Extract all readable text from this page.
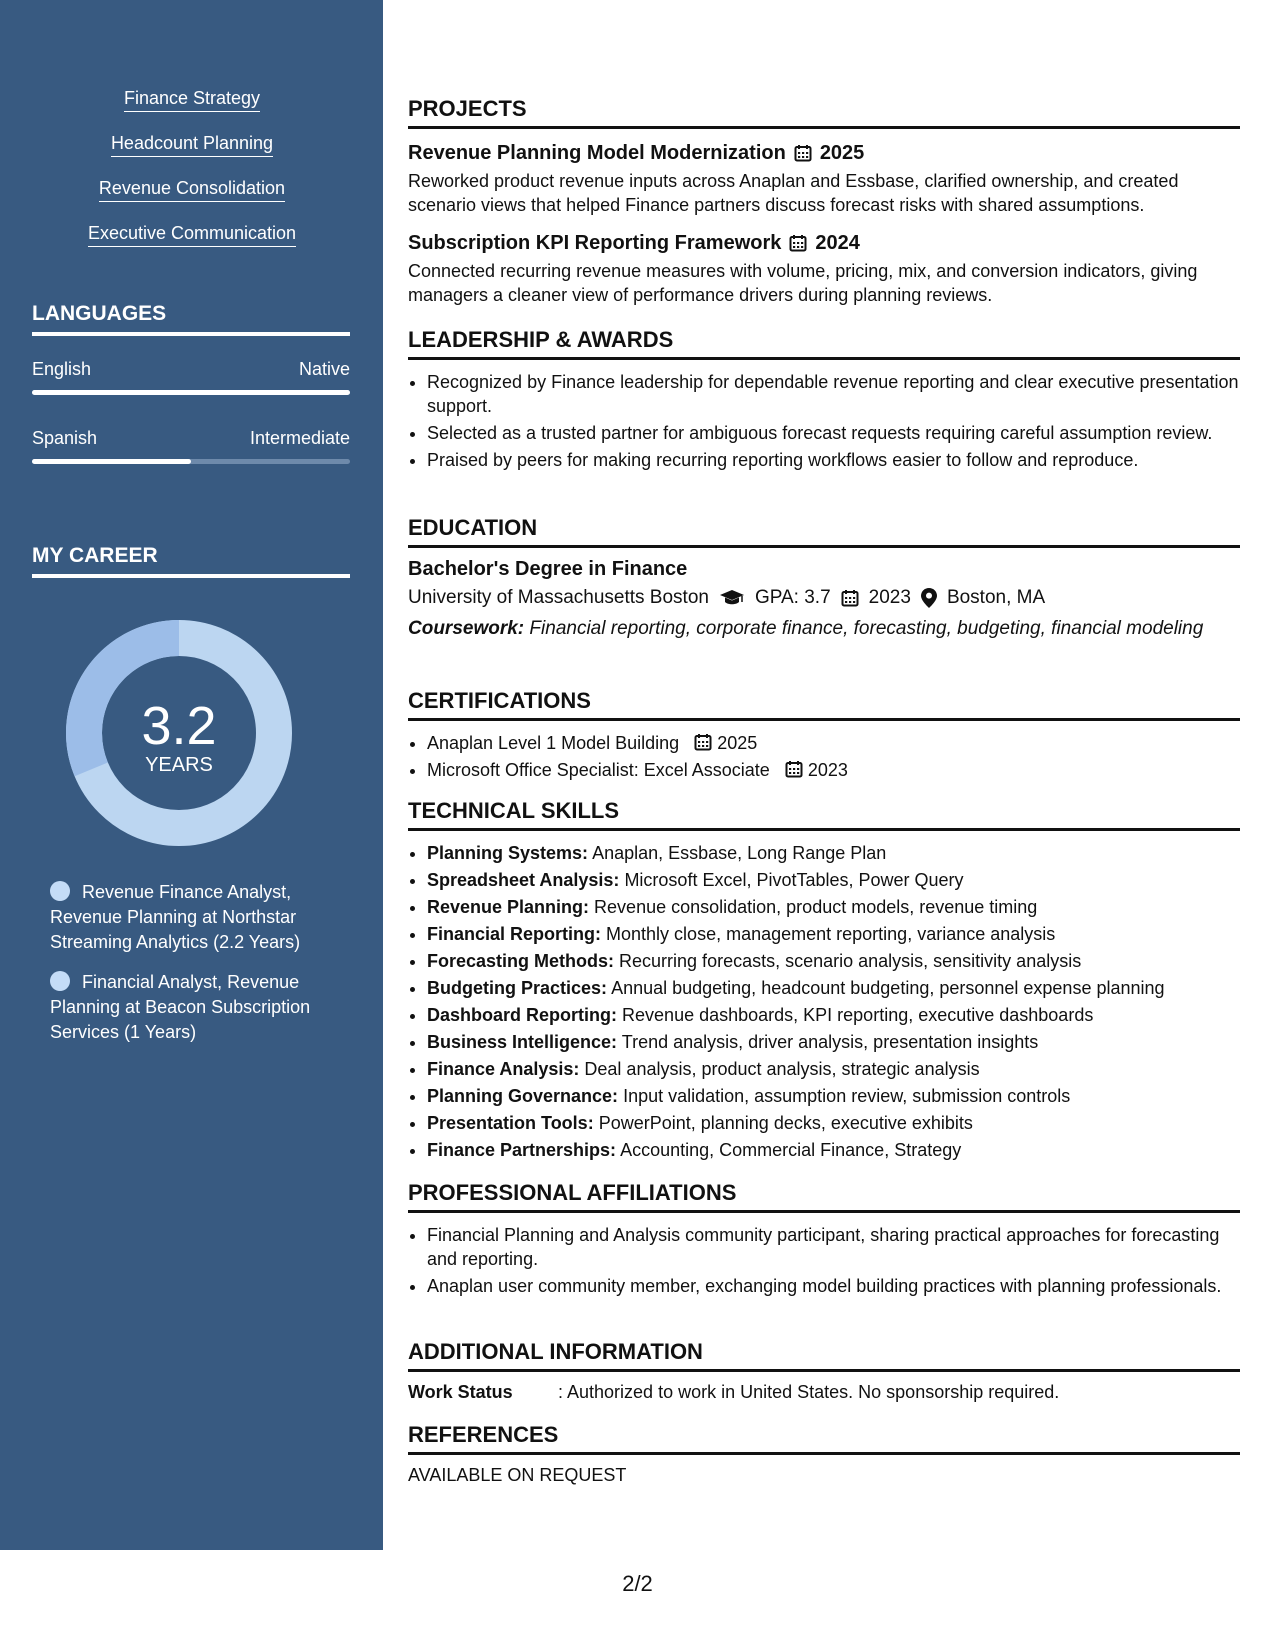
Finance Strategy
Headcount Planning
Revenue Consolidation
Executive Communication
LANGUAGES
English	Native
Spanish	Intermediate
MY CAREER
3.2
YEARS
Revenue Finance Analyst, Revenue Planning at Northstar Streaming Analytics (2.2 Years)
Financial Analyst, Revenue Planning at Beacon Subscription Services (1 Years)
PROJECTS
Revenue Planning Model Modernization 2025
Reworked product revenue inputs across Anaplan and Essbase, clarified ownership, and created scenario views that helped Finance partners discuss forecast risks with shared assumptions.
Subscription KPI Reporting Framework 2024
Connected recurring revenue measures with volume, pricing, mix, and conversion indicators, giving managers a cleaner view of performance drivers during planning reviews.
LEADERSHIP & AWARDS
• Recognized by Finance leadership for dependable revenue reporting and clear executive presentation support.
• Selected as a trusted partner for ambiguous forecast requests requiring careful assumption review.
• Praised by peers for making recurring reporting workflows easier to follow and reproduce.
EDUCATION
Bachelor's Degree in Finance
University of Massachusetts Boston GPA: 3.7 2023 Boston, MA
Coursework: Financial reporting, corporate finance, forecasting, budgeting, financial modeling
CERTIFICATIONS
• Anaplan Level 1 Model Building 2025
• Microsoft Office Specialist: Excel Associate 2023
TECHNICAL SKILLS
• Planning Systems: Anaplan, Essbase, Long Range Plan
• Spreadsheet Analysis: Microsoft Excel, PivotTables, Power Query
• Revenue Planning: Revenue consolidation, product models, revenue timing
• Financial Reporting: Monthly close, management reporting, variance analysis
• Forecasting Methods: Recurring forecasts, scenario analysis, sensitivity analysis
• Budgeting Practices: Annual budgeting, headcount budgeting, personnel expense planning
• Dashboard Reporting: Revenue dashboards, KPI reporting, executive dashboards
• Business Intelligence: Trend analysis, driver analysis, presentation insights
• Finance Analysis: Deal analysis, product analysis, strategic analysis
• Planning Governance: Input validation, assumption review, submission controls
• Presentation Tools: PowerPoint, planning decks, executive exhibits
• Finance Partnerships: Accounting, Commercial Finance, Strategy
PROFESSIONAL AFFILIATIONS
• Financial Planning and Analysis community participant, sharing practical approaches for forecasting and reporting.
• Anaplan user community member, exchanging model building practices with planning professionals.
ADDITIONAL INFORMATION
Work Status	: Authorized to work in United States. No sponsorship required.
REFERENCES
AVAILABLE ON REQUEST
2/2
